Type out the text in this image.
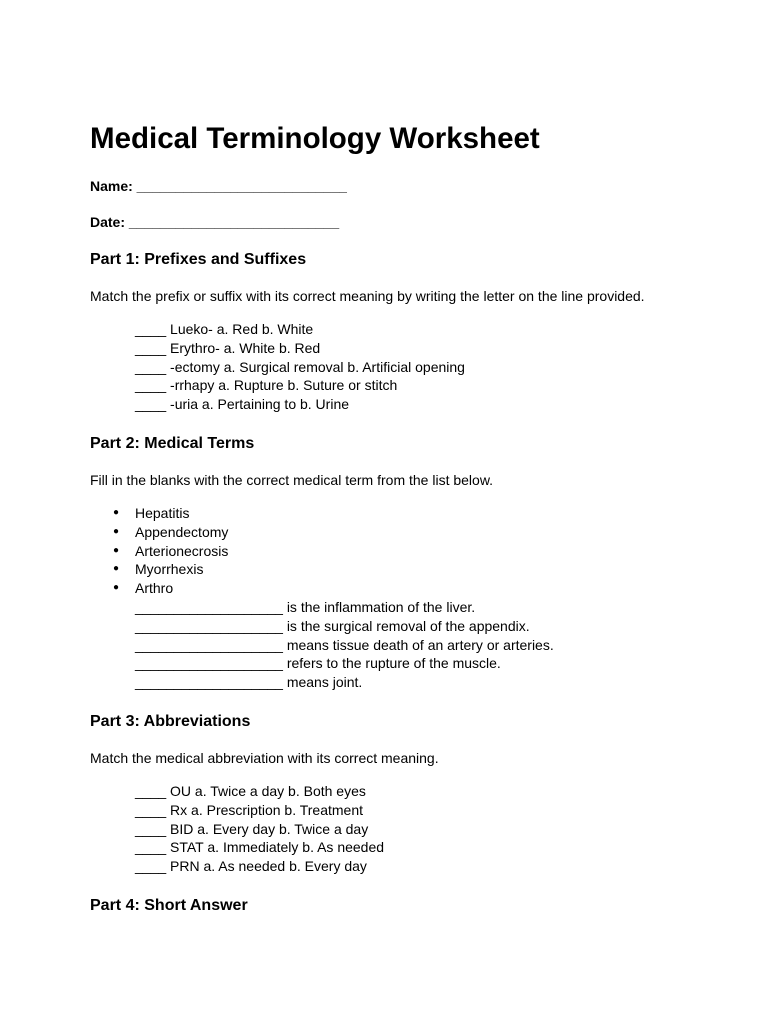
Medical Terminology Worksheet

Name: ___________________________

Date: ___________________________

Part 1: Prefixes and Suffixes

Match the prefix or suffix with its correct meaning by writing the letter on the line provided.

____ Lueko- a. Red b. White
____ Erythro- a. White b. Red
____ -ectomy a. Surgical removal b. Artificial opening
____ -rrhapy a. Rupture b. Suture or stitch
____ -uria a. Pertaining to b. Urine
Part 2: Medical Terms

Fill in the blanks with the correct medical term from the list below.

● Hepatitis
● Appendectomy
● Arterionecrosis
● Myorrhexis
● Arthro
___________________ is the inflammation of the liver.
___________________ is the surgical removal of the appendix.
___________________ means tissue death of an artery or arteries.
___________________ refers to the rupture of the muscle.
___________________ means joint.
Part 3: Abbreviations

Match the medical abbreviation with its correct meaning.

____ OU a. Twice a day b. Both eyes
____ Rx a. Prescription b. Treatment
____ BID a. Every day b. Twice a day
____ STAT a. Immediately b. As needed
____ PRN a. As needed b. Every day
Part 4: Short Answer
